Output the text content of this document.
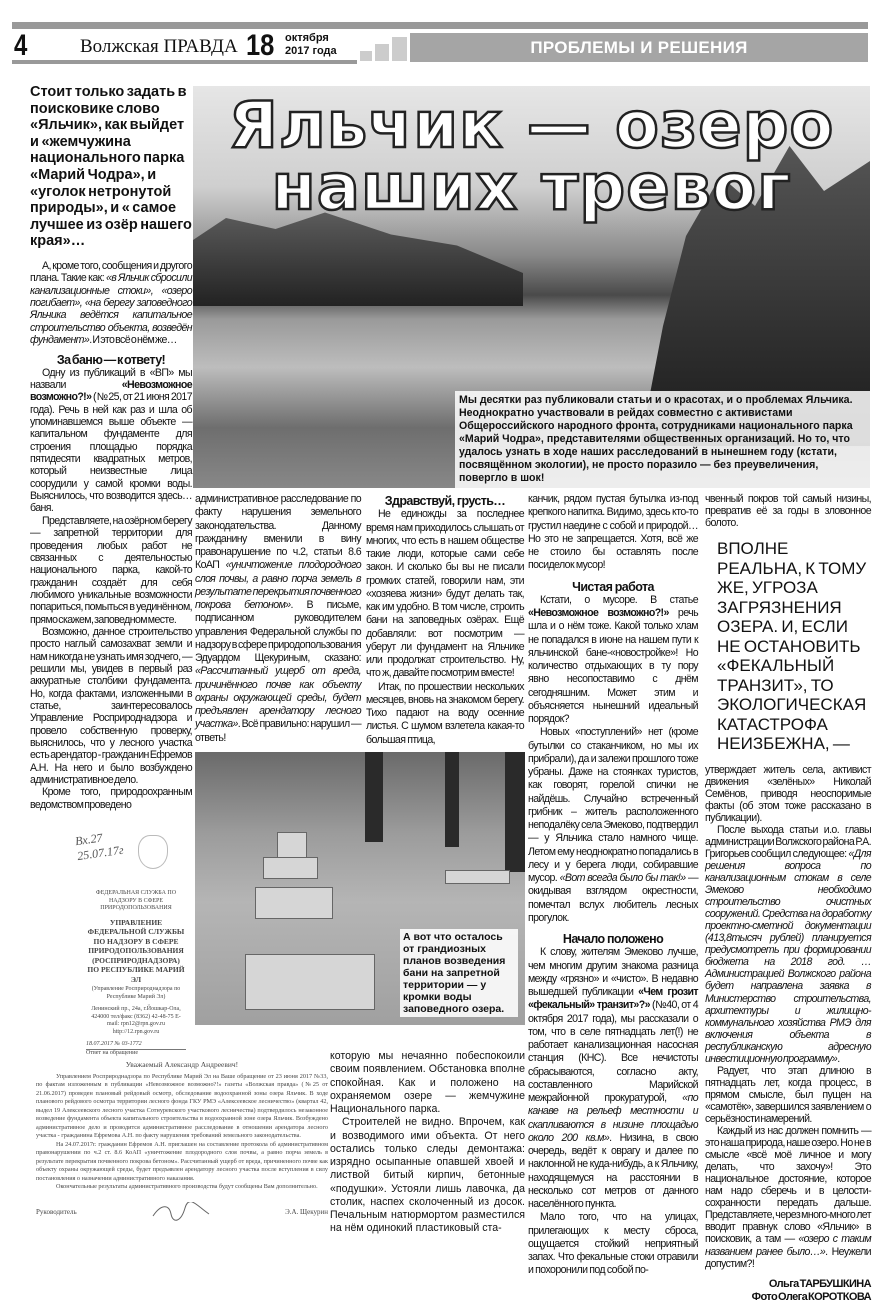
4	Волжская ПРАВДА 18 октября
2017 года	ПРОБЛЕМЫ И РЕШЕНИЯ
Стоит только задать в поисковике слово «Яльчик», как выйдет и «жемчужина национального парка «Марий Чодра», и «уголок нетронутой природы», и « самое лучшее из озёр нашего края»…

А, кроме того, сообщения и другого плана. Такие как: «в Яльчик сбросили канализационные стоки», «озеро погибает», «на берегу заповедного Яльчика ведётся капитальное строительство объекта, возведён фундамент». И это всё о нём же…

За баню — к ответу!

Одну из публикаций в «ВП» мы назвали «Невозможное возможно?!» (№25, от 21 июня 2017 года). Речь в ней как раз и шла об упоминавшемся выше объекте — капитальном фундаменте для строения площадью порядка пятидесяти квадратных метров, который неизвестные лица соорудили у самой кромки воды. Выяснилось, что возводится здесь… баня.

Представляете, на озёрном берегу — запретной территории для проведения любых работ не связанных с деятельностью национального парка, какой-то гражданин создаёт для себя любимого уникальные возможности попариться, помыться в уединённом, прямо скажем, заповедном месте.

Возможно, данное строительство просто наглый самозахват земли и нам никогда не узнать имя зодчего, — решили мы, увидев в первый раз аккуратные столбики фундамента. Но, когда фактами, изложенными в статье, заинтересовалось Управление Росприроднадзора и провело собственную проверку, выяснилось, что у лесного участка есть арендатор - гражданин Ефремов А.Н. На него и было возбуждено административное дело.

Кроме того, природоохранным ведомством проведено

Яльчик — озеро
наших тревог
Мы десятки раз публиковали статьи и о красотах, и о проблемах Яльчика. Неоднократно участвовали в рейдах совместно с активистами Общероссийского народного фронта, сотрудниками национального парка «Марий Чодра», представителями общественных организаций. Но то, что удалось узнать в ходе наших расследований в нынешнем году (кстати, посвящённом экологии), не просто поразило — без преувеличения, повергло в шок!

административное расследование по факту нарушения земельного законодательства. Данному гражданину вменили в вину правонарушение по ч.2, статьи 8.6 КоАП «уничтожение плодородного слоя почвы, а равно порча земель в результате перекрытия почвенного покрова бетоном». В письме, подписанном руководителем управления Федеральной службы по надзору в сфере природопользования Эдуардом Щекуриным, сказано: «Рассчитанный ущерб от вреда, причинённого почве как объекту охраны окружающей среды, будет предъявлен арендатору лесного участка». Всё правильно: нарушил — ответь!

Здравствуй, грусть…

Не единожды за последнее время нам приходилось слышать от многих, что есть в нашем обществе такие люди, которые сами себе закон. И сколько бы вы не писали громких статей, говорили нам, эти «хозяева жизни» будут делать так, как им удобно. В том числе, строить бани на заповедных озёрах. Ещё добавляли: вот посмотрим — уберут ли фундамент на Яльчике или продолжат строительство. Ну, что ж, давайте посмотрим вместе!

Итак, по прошествии нескольких месяцев, вновь на знакомом берегу. Тихо падают на воду осенние листья. С шумом взлетела какая-то большая птица,

канчик, рядом пустая бутылка из-под крепкого напитка. Видимо, здесь кто-то грустил наедине с собой и природой… Но это не запрещается. Хотя, всё же не стоило бы оставлять после посиделок мусор!

Чистая работа

Кстати, о мусоре. В статье «Невозможное возможно?!» речь шла и о нём тоже. Какой только хлам не попадался в июне на нашем пути к яльчинской бане-«новостройке»! Но количество отдыхающих в ту пору явно несопоставимо с днём сегодняшним. Может этим и объясняется нынешний идеальный порядок?

Новых «поступлений» нет (кроме бутылки со стаканчиком, но мы их прибрали), да и залежи прошлого тоже убраны. Даже на стоянках туристов, как говорят, горелой спички не найдёшь. Случайно встреченный грибник – житель расположенного неподалёку села Эмеково, подтвердил — у Яльчика стало намного чище. Летом ему неоднократно попадались в лесу и у берега люди, собиравшие мусор. «Вот всегда было бы так!» — окидывая взглядом окрестности, помечтал вслух любитель лесных прогулок.

Начало положено

К слову, жителям Эмеково лучше, чем многим другим знакома разница между «грязно» и «чисто». В недавно вышедшей публикации «Чем грозит «фекальный» транзит»?» (№40, от 4 октября 2017 года), мы рассказали о том, что в селе пятнадцать лет(!) не работает канализационная насосная станция (КНС). Все нечистоты сбрасываются, согласно акту, составленного Марийской межрайонной прокуратурой, «по канаве на рельеф местности и скапливаются в низине площадью около 200 кв.м». Низина, в свою очередь, ведёт к оврагу и далее по наклонной не куда-нибудь, а к Яльчику, находящемуся на расстоянии в несколько сот метров от данного населённого пункта.

Мало того, что на улицах, прилегающих к месту сброса, ощущается стойкий неприятный запах. Что фекальные стоки отравили и похоронили под собой по-

чвенный покров той самый низины, превратив её за годы в зловонное болото.

ВПОЛНЕ РЕАЛЬНА, К ТОМУ ЖЕ, УГРОЗА ЗАГРЯЗНЕНИЯ ОЗЕРА. И, ЕСЛИ НЕ ОСТАНОВИТЬ «ФЕКАЛЬНЫЙ ТРАНЗИТ», ТО ЭКОЛОГИЧЕСКАЯ КАТАСТРОФА НЕИЗБЕЖНА, —

утверждает житель села, активист движения «зелёных» Николай Семёнов, приводя неоспоримые факты (об этом тоже рассказано в публикации).

После выхода статьи и.о. главы администрации Волжского района Р.А. Григорьев сообщил следующее: «Для решения вопроса по канализационным стокам в селе Эмеково необходимо строительство очистных сооружений. Средства на доработку проектно-сметной документации (413,8тысяч рублей) планируется предусмотреть при формировании бюджета на 2018 год. …Администрацией Волжского района будет направлена заявка в Министерство строительства, архитектуры и жилищно-коммунального хозяйства РМЭ для включения объекта в республиканскую адресную инвестиционную программу».

Радует, что этап длиною в пятнадцать лет, когда процесс, в прямом смысле, был пущен на «самотёк», завершился заявлением о серьёзности намерений.

Каждый из нас должен помнить — это наша природа, наше озеро. Но не в смысле «всё моё личное и могу делать, что захочу»! Это национальное достояние, которое нам надо сберечь и в целости-сохранности передать дальше. Представляете, через много-много лет вводит правнук слово «Яльчик» в поисковик, а там — «озеро с таким названием ранее было…». Неужели допустим?!

Ольга ТАРБУШКИНА
Фото Олега КОРОТКОВА
А вот что осталось от грандиозных планов возведения бани на запретной территории — у кромки воды заповедного озера.
Вх.27 25.07.17г
ФЕДЕРАЛЬНАЯ СЛУЖБА ПО НАДЗОРУ В СФЕРЕ ПРИРОДОПОЛЬЗОВАНИЯ
УПРАВЛЕНИЕ ФЕДЕРАЛЬНОЙ СЛУЖБЫ ПО НАДЗОРУ В СФЕРЕ ПРИРОДОПОЛЬЗОВАНИЯ (РОСПРИРОДНАДЗОРА) ПО РЕСПУБЛИКЕ МАРИЙ ЭЛ
(Управление Росприроднадзора по Республике Марий Эл)
Ленинский пр., 24а, г.Йошкар-Ола, 424000 тел/факс (8362) 42-48-75 E-mail: rpn12@rpn.gov.ru http://12.rpn.gov.ru
18.07.2017 № 03-1772
Ответ на обращение
Уважаемый Александр Андреевич!
Управлением Росприроднадзора по Республике Марий Эл на Ваше обращение от 23 июня 2017 №33, по фактам изложенным в публикации «Невозможное возможно?!» газеты «Волжская правда» (№25 от 21.06.2017) проведен плановый рейдовый осмотр, обследование водоохранной зоны озера Яльчик. В ходе планового рейдового осмотра территории лесного фонда ГКУ РМЭ «Алексеевское лесничество» (квартал 42, выдел 19 Алексеевского лесного участка Сотнуревского участкового лесничества) подтвердилось незаконное возведение фундамента объекта капитального строительства в водоохранной зоне озера Яльчик. Возбуждено административное дело и проводится административное расследование в отношении арендатора лесного участка - гражданина Ефремова А.Н. по факту нарушения требований земельного законодательства.
На 24.07.2017г. гражданин Ефремов А.Н. приглашен на составление протокола об административном правонарушении по ч.2 ст. 8.6 КоАП «уничтожение плодородного слоя почвы, а равно порча земель в результате перекрытия почвенного покрова бетоном». Рассчитанный ущерб от вреда, причиненного почве как объекту охраны окружающей среды, будет предъявлен арендатору лесного участка после вступления в силу постановления о назначении административного наказания.
Окончательные результаты административного производства будут сообщены Вам дополнительно.
Руководитель	Э.А. Щекурин

которую мы нечаянно побеспокоили своим появлением. Обстановка вполне спокойная. Как и положено на охраняемом озере — жемчужине Национального парка.

Строителей не видно. Впрочем, как и возводимого ими объекта. От него остались только следы демонтажа: изрядно осыпанные опавшей хвоей и листвой битый кирпич, бетонные «подушки». Устояли лишь лавочка, да столик, наспех сколоченный из досок. Печальным натюрмортом разместился на нём одинокий пластиковый ста-
